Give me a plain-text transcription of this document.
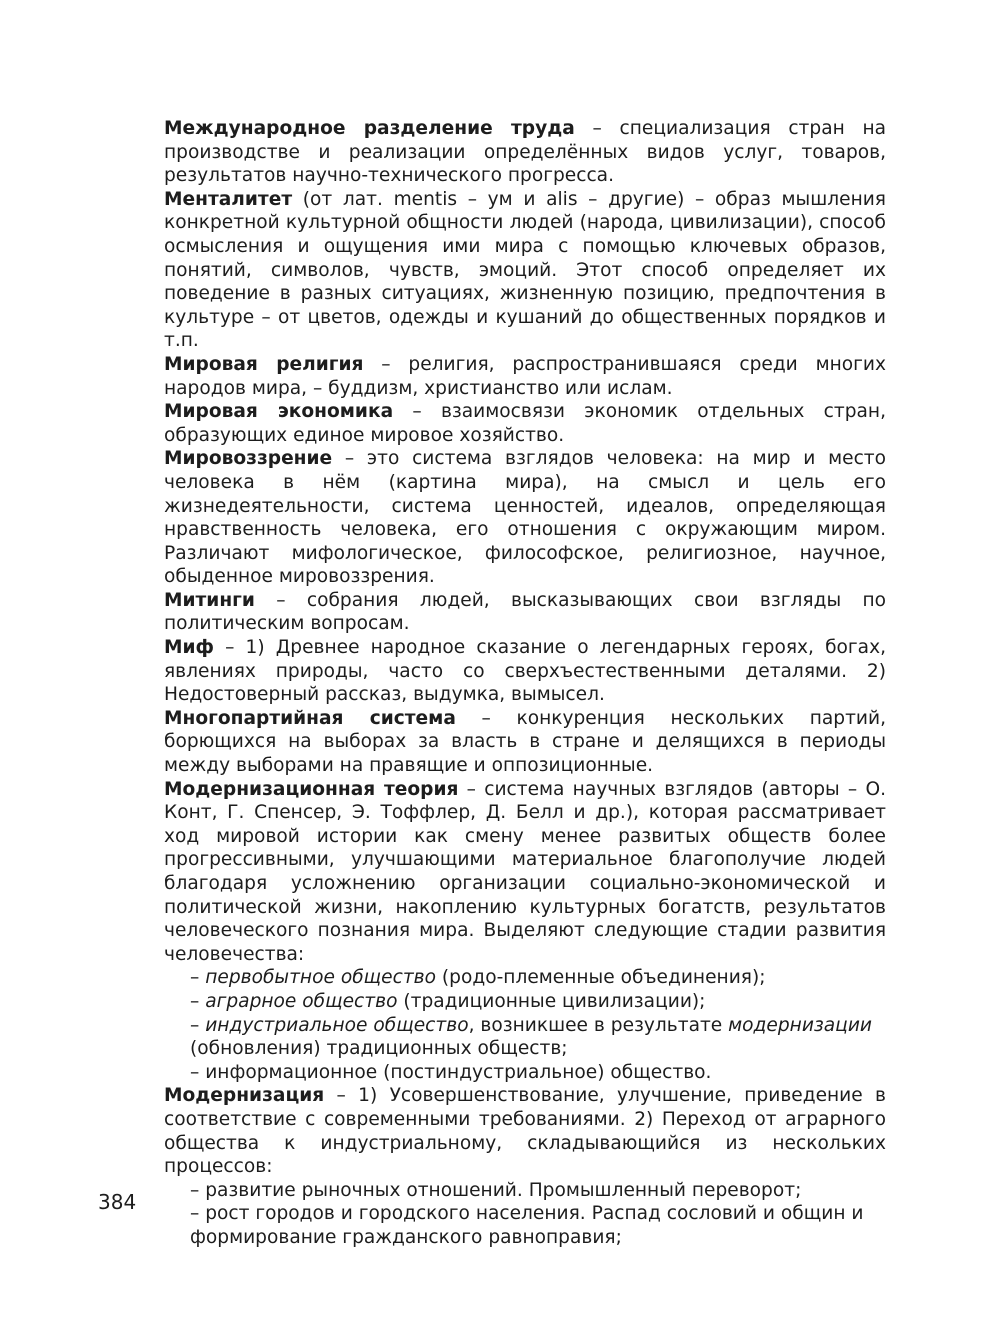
Международное разделение труда – специализация стран на производстве и реализации определённых видов услуг, товаров, результатов научно-технического прогресса.

Менталитет (от лат. mentis – ум и alis – другие) – образ мышления конкретной культурной общности людей (народа, цивилизации), способ осмысления и ощущения ими мира с помощью ключевых образов, понятий, символов, чувств, эмоций. Этот способ определяет их поведение в разных ситуациях, жизненную позицию, предпочтения в культуре – от цветов, одежды и кушаний до общественных порядков и т.п.

Мировая религия – религия, распространившаяся среди многих народов мира, – буддизм, христианство или ислам.

Мировая экономика – взаимосвязи экономик отдельных стран, образующих единое мировое хозяйство.

Мировоззрение – это система взглядов человека: на мир и место человека в нём (картина мира), на смысл и цель его жизнедеятельности, система ценностей, идеалов, определяющая нравственность человека, его отношения с окружающим миром. Различают мифологическое, философское, религиозное, научное, обыденное мировоззрения.

Митинги – собрания людей, высказывающих свои взгляды по политическим вопросам.

Миф – 1) Древнее народное сказание о легендарных героях, богах, явлениях природы, часто со сверхъестественными деталями. 2) Недостоверный рассказ, выдумка, вымысел.

Многопартийная система – конкуренция нескольких партий, борющихся на выборах за власть в стране и делящихся в периоды между выборами на правящие и оппозиционные.

Модернизационная теория – система научных взглядов (авторы – О. Конт, Г. Спенсер, Э. Тоффлер, Д. Белл и др.), которая рассматривает ход мировой истории как смену менее развитых обществ более прогрессивными, улучшающими материальное благополучие людей благодаря усложнению организации социально-экономической и политической жизни, накоплению культурных богатств, результатов человеческого познания мира. Выделяют следующие стадии развития человечества:

– первобытное общество (родо-племенные объединения);

– аграрное общество (традиционные цивилизации);

– индустриальное общество, возникшее в результате модернизации (обновления) традиционных обществ;

– информационное (постиндустриальное) общество.

Модернизация – 1) Усовершенствование, улучшение, приведение в соответствие с современными требованиями. 2) Переход от аграрного общества к индустриальному, складывающийся из нескольких процессов:

– развитие рыночных отношений. Промышленный переворот;

– рост городов и городского населения. Распад сословий и общин и формирование гражданского равноправия;

384
